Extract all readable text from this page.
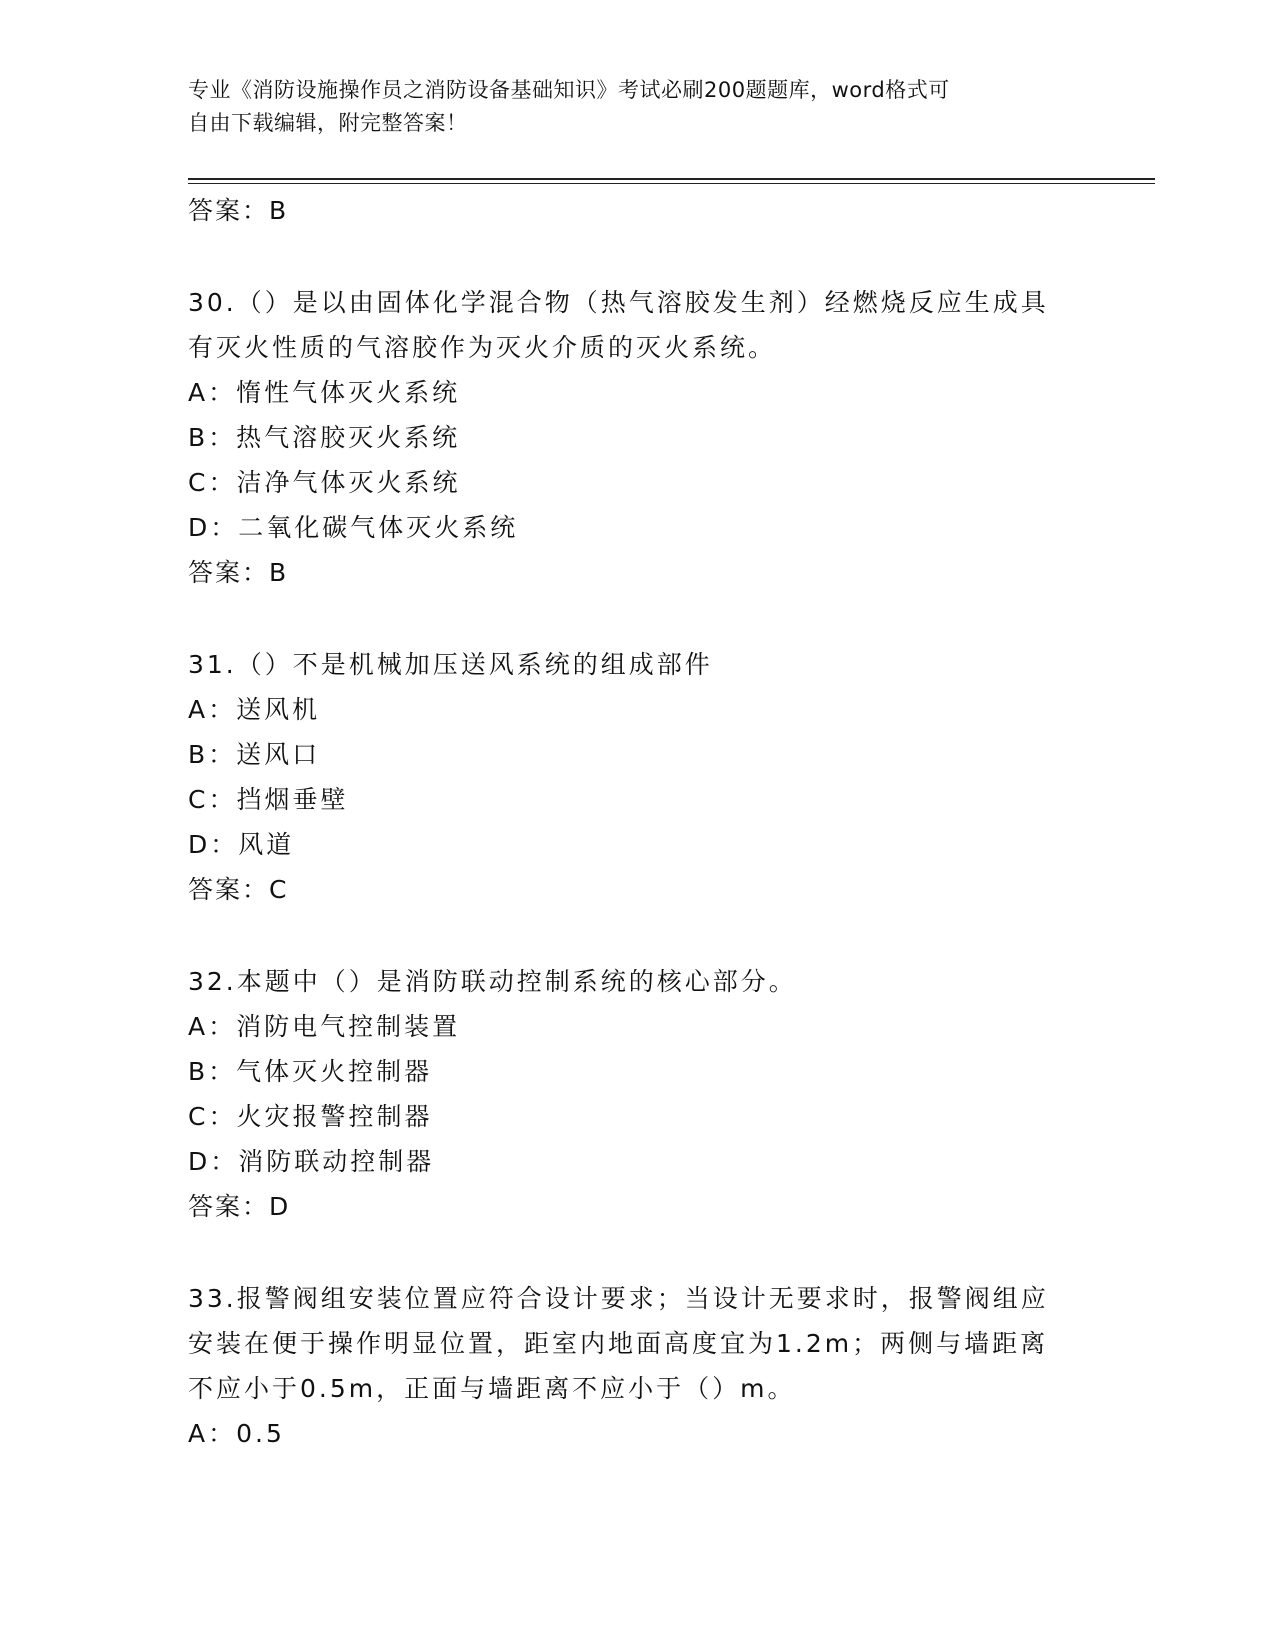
专业《消防设施操作员之消防设备基础知识》考试必刷200题题库，word格式可
自由下载编辑，附完整答案！
答案：B
30.（）是以由固体化学混合物（热气溶胶发生剂）经燃烧反应生成具
有灭火性质的气溶胶作为灭火介质的灭火系统。
A：惰性气体灭火系统
B：热气溶胶灭火系统
C：洁净气体灭火系统
D：二氧化碳气体灭火系统
答案：B
31.（）不是机械加压送风系统的组成部件
A：送风机
B：送风口
C：挡烟垂壁
D：风道
答案：C
32.本题中（）是消防联动控制系统的核心部分。
A：消防电气控制装置
B：气体灭火控制器
C：火灾报警控制器
D：消防联动控制器
答案：D
33.报警阀组安装位置应符合设计要求；当设计无要求时，报警阀组应
安装在便于操作明显位置，距室内地面高度宜为1.2m；两侧与墙距离
不应小于0.5m，正面与墙距离不应小于（）m。
A：0.5
